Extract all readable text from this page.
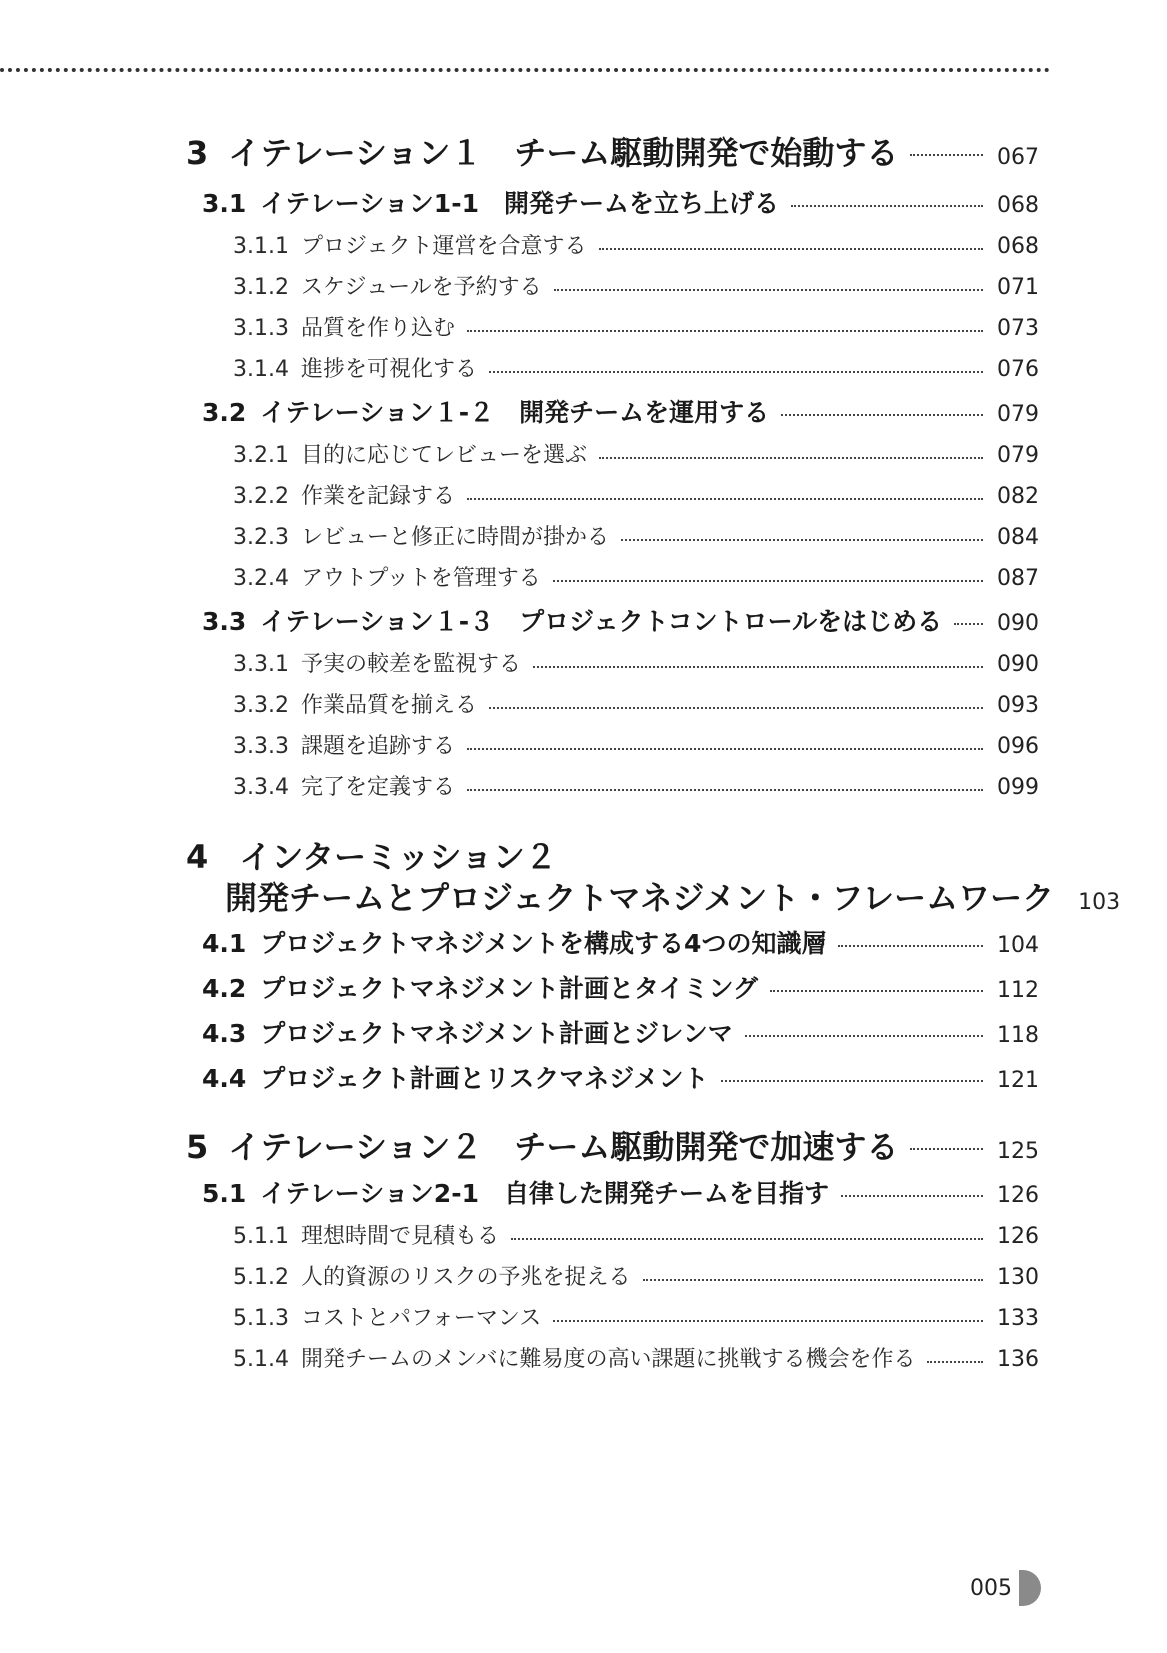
3 イテレーション１　チーム駆動開発で始動する	067
3.1 イテレーション1-1　開発チームを立ち上げる	068
3.1.1 プロジェクト運営を合意する	068
3.1.2 スケジュールを予約する	071
3.1.3 品質を作り込む	073
3.1.4 進捗を可視化する	076
3.2 イテレーション１-２　開発チームを運用する	079
3.2.1 目的に応じてレビューを選ぶ	079
3.2.2 作業を記録する	082
3.2.3 レビューと修正に時間が掛かる	084
3.2.4 アウトプットを管理する	087
3.3 イテレーション１-３　プロジェクトコントロールをはじめる 090
3.3.1 予実の較差を監視する	090
3.3.2 作業品質を揃える	093
3.3.3 課題を追跡する	096
3.3.4 完了を定義する	099
4 インターミッション２
開発チームとプロジェクトマネジメント・フレームワーク 103
4.1 プロジェクトマネジメントを構成する4つの知識層	104
4.2 プロジェクトマネジメント計画とタイミング	112
4.3 プロジェクトマネジメント計画とジレンマ	118
4.4 プロジェクト計画とリスクマネジメント	121
5 イテレーション２　チーム駆動開発で加速する	125
5.1 イテレーション2-1　自律した開発チームを目指す	126
5.1.1 理想時間で見積もる	126
5.1.2 人的資源のリスクの予兆を捉える	130
5.1.3 コストとパフォーマンス	133
5.1.4 開発チームのメンバに難易度の高い課題に挑戦する機会を作る	136
005
